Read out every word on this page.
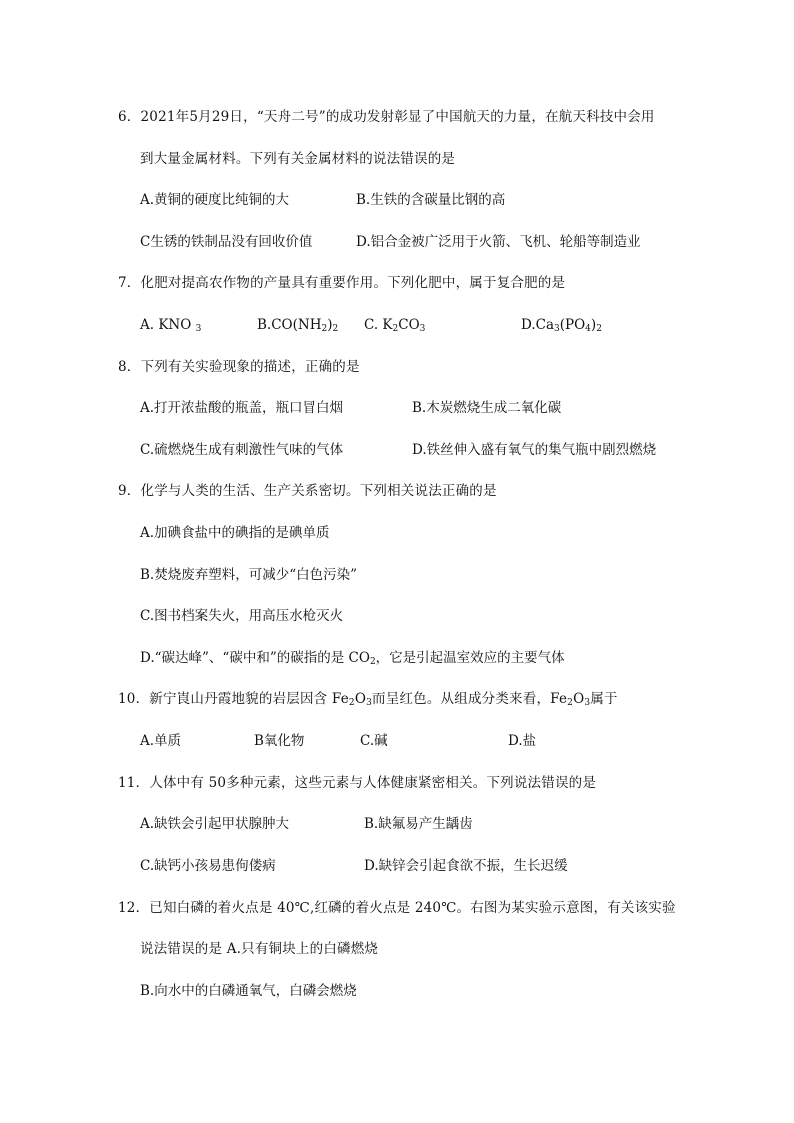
6．2021年5月29日，“天舟二号”的成功发射彰显了中国航天的力量，在航天科技中会用
到大量金属材料。下列有关金属材料的说法错误的是
A.黄铜的硬度比纯铜的大	B.生铁的含碳量比钢的高
C生锈的铁制品没有回收价值	D.铝合金被广泛用于火箭、飞机、轮船等制造业
7．化肥对提高农作物的产量具有重要作用。下列化肥中，属于复合肥的是
A. KNO $_3$	$B.CO(NH_2)_2$ C. $K_2CO_3$	$D.Ca_3(PO_4)_2$
8．下列有关实验现象的描述，正确的是
A.打开浓盐酸的瓶盖，瓶口冒白烟	B.木炭燃烧生成二氧化碳
C.硫燃烧生成有刺激性气味的气体	D.铁丝伸入盛有氧气的集气瓶中剧烈燃烧
9．化学与人类的生活、生产关系密切。下列相关说法正确的是
A.加碘食盐中的碘指的是碘单质
B.焚烧废弃塑料，可减少“白色污染”
C.图书档案失火，用高压水枪灭火
D.“碳达峰”、“碳中和”的碳指的是 $CO_2$，它是引起温室效应的主要气体
10．新宁崀山丹霞地貌的岩层因含 $Fe_2O_3$而呈红色。从组成分类来看，$Fe_2O_3$属于
A.单质	B氧化物	C.碱	D.盐
11．人体中有 50多种元素，这些元素与人体健康紧密相关。下列说法错误的是
A.缺铁会引起甲状腺肿大	B.缺氟易产生龋齿
C.缺钙小孩易患佝偻病	D.缺锌会引起食欲不振，生长迟缓
12．已知白磷的着火点是 40℃,红磷的着火点是 240℃。右图为某实验示意图，有关该实验
说法错误的是 A.只有铜块上的白磷燃烧
B.向水中的白磷通氧气，白磷会燃烧
